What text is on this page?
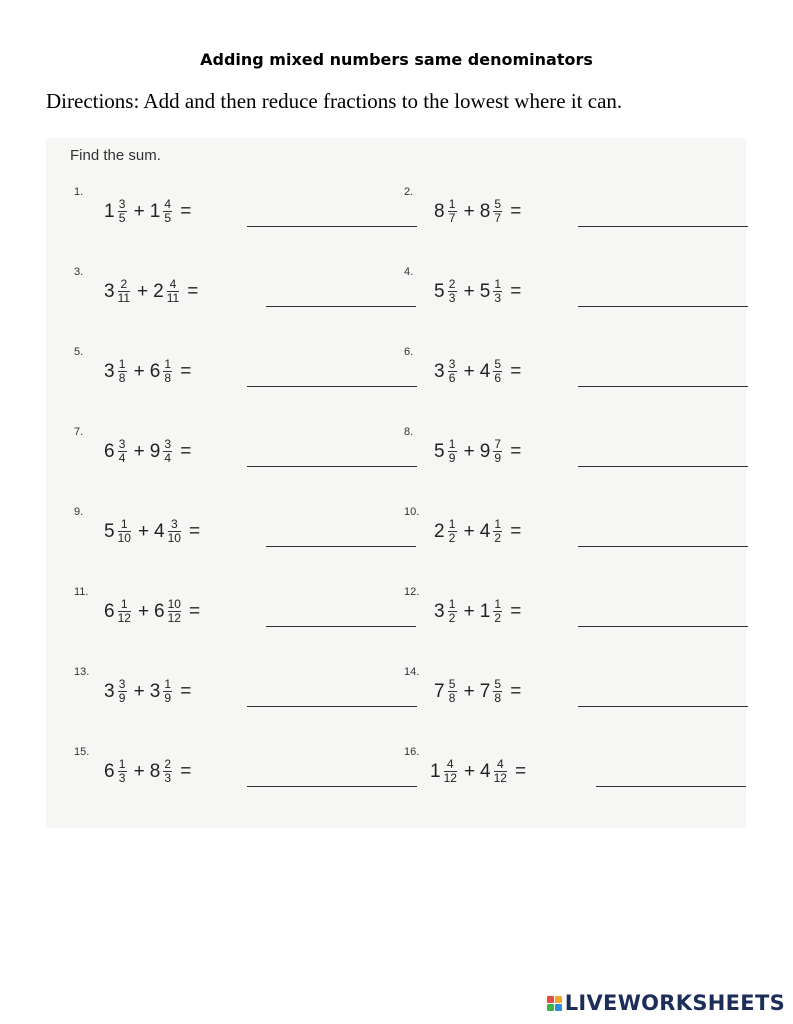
Adding mixed numbers same denominators
Directions: Add and then reduce fractions to the lowest where it can.
Find the sum.
1.
$1 \frac{3}{5} + 1 \frac{4}{5}$ =
2.
$8 \frac{1}{7} + 8 \frac{5}{7}$ =
3.
$3 \frac{2}{11} + 2 \frac{4}{11}$ =
4.
$5 \frac{2}{3} + 5 \frac{1}{3}$ =
5.
$3 \frac{1}{8} + 6 \frac{1}{8}$ =
6.
$3 \frac{3}{6} + 4 \frac{5}{6}$ =
7.
$6 \frac{3}{4} + 9 \frac{3}{4}$ =
8.
$5 \frac{1}{9} + 9 \frac{7}{9}$ =
9.
$5 \frac{1}{10} + 4 \frac{3}{10}$ =
10.
$2 \frac{1}{2} + 4 \frac{1}{2}$ =
11.
$6 \frac{1}{12} + 6 \frac{10}{12}$ =
12.
$3 \frac{1}{2} + 1 \frac{1}{2}$ =
13.
$3 \frac{3}{9} + 3 \frac{1}{9}$ =
14.
$7 \frac{5}{8} + 7 \frac{5}{8}$ =
15.
$6 \frac{1}{3} + 8 \frac{2}{3}$ =
16.
$1 \frac{4}{12} + 4 \frac{4}{12}$ =
LIVEWORKSHEETS
